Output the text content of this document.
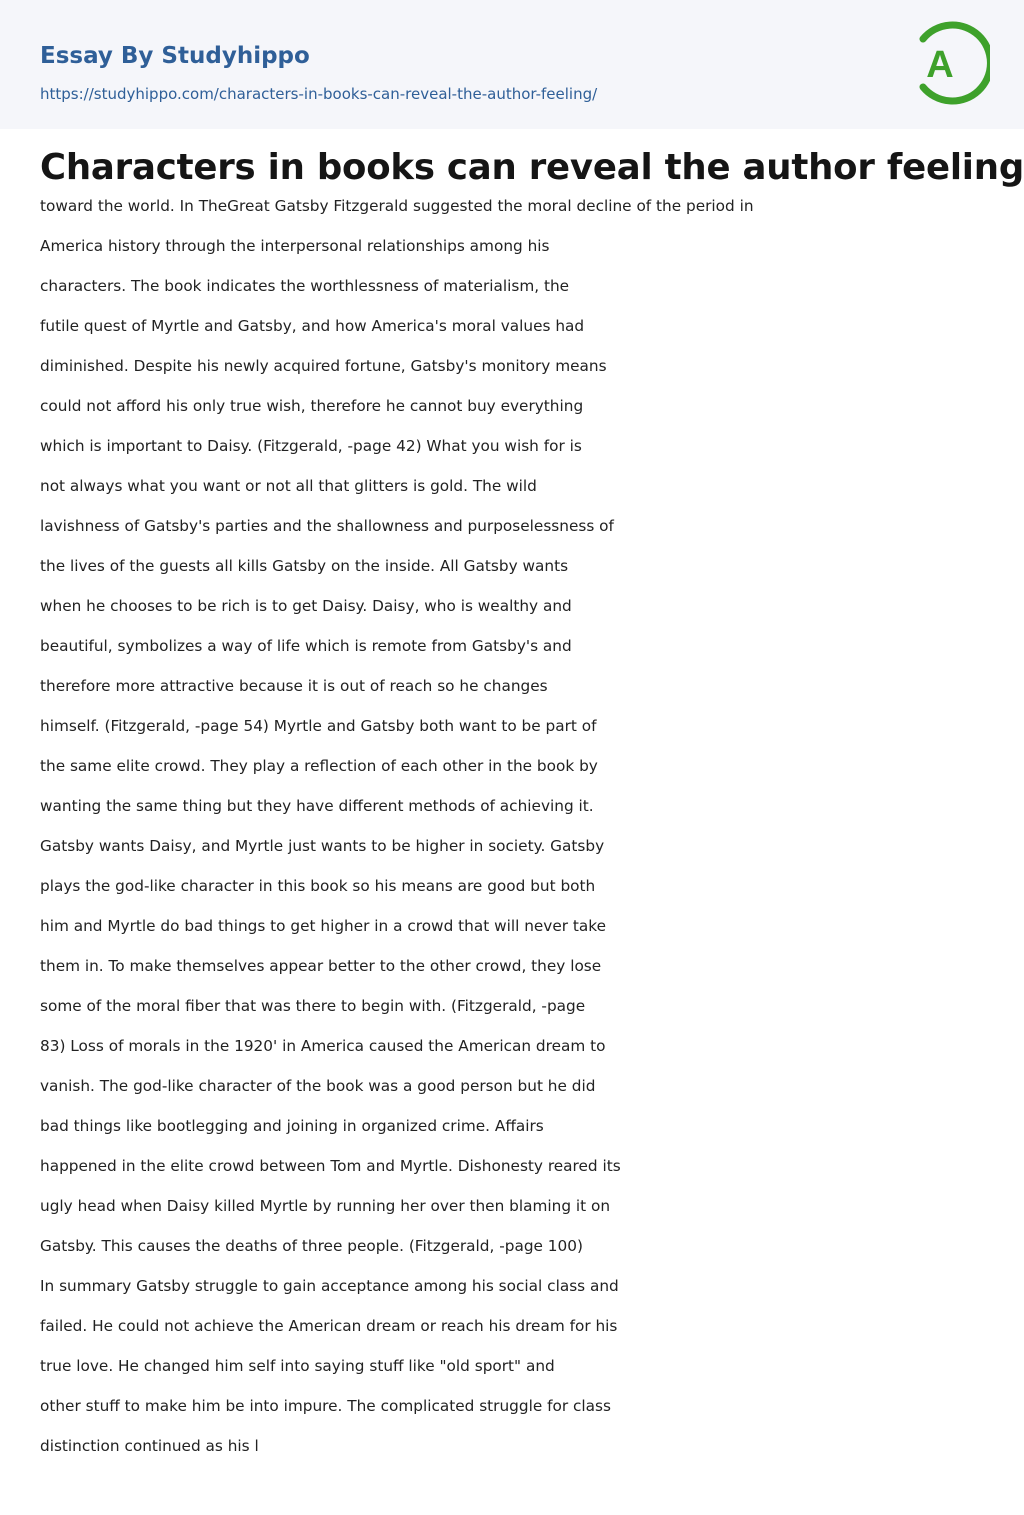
Essay By Studyhippo
https://studyhippo.com/characters-in-books-can-reveal-the-author-feeling/
A
Characters in books can reveal the author feeling
toward the world. In TheGreat Gatsby Fitzgerald suggested the moral decline of the period in
America history through the interpersonal relationships among his
characters. The book indicates the worthlessness of materialism, the
futile quest of Myrtle and Gatsby, and how America's moral values had
diminished. Despite his newly acquired fortune, Gatsby's monitory means
could not afford his only true wish, therefore he cannot buy everything
which is important to Daisy. (Fitzgerald, -page 42) What you wish for is
not always what you want or not all that glitters is gold. The wild
lavishness of Gatsby's parties and the shallowness and purposelessness of
the lives of the guests all kills Gatsby on the inside. All Gatsby wants
when he chooses to be rich is to get Daisy. Daisy, who is wealthy and
beautiful, symbolizes a way of life which is remote from Gatsby's and
therefore more attractive because it is out of reach so he changes
himself. (Fitzgerald, -page 54) Myrtle and Gatsby both want to be part of
the same elite crowd. They play a reflection of each other in the book by
wanting the same thing but they have different methods of achieving it.
Gatsby wants Daisy, and Myrtle just wants to be higher in society. Gatsby
plays the god-like character in this book so his means are good but both
him and Myrtle do bad things to get higher in a crowd that will never take
them in. To make themselves appear better to the other crowd, they lose
some of the moral fiber that was there to begin with. (Fitzgerald, -page
83) Loss of morals in the 1920' in America caused the American dream to
vanish. The god-like character of the book was a good person but he did
bad things like bootlegging and joining in organized crime. Affairs
happened in the elite crowd between Tom and Myrtle. Dishonesty reared its
ugly head when Daisy killed Myrtle by running her over then blaming it on
Gatsby. This causes the deaths of three people. (Fitzgerald, -page 100)
In summary Gatsby struggle to gain acceptance among his social class and
failed. He could not achieve the American dream or reach his dream for his
true love. He changed him self into saying stuff like "old sport" and
other stuff to make him be into impure. The complicated struggle for class
distinction continued as his l
